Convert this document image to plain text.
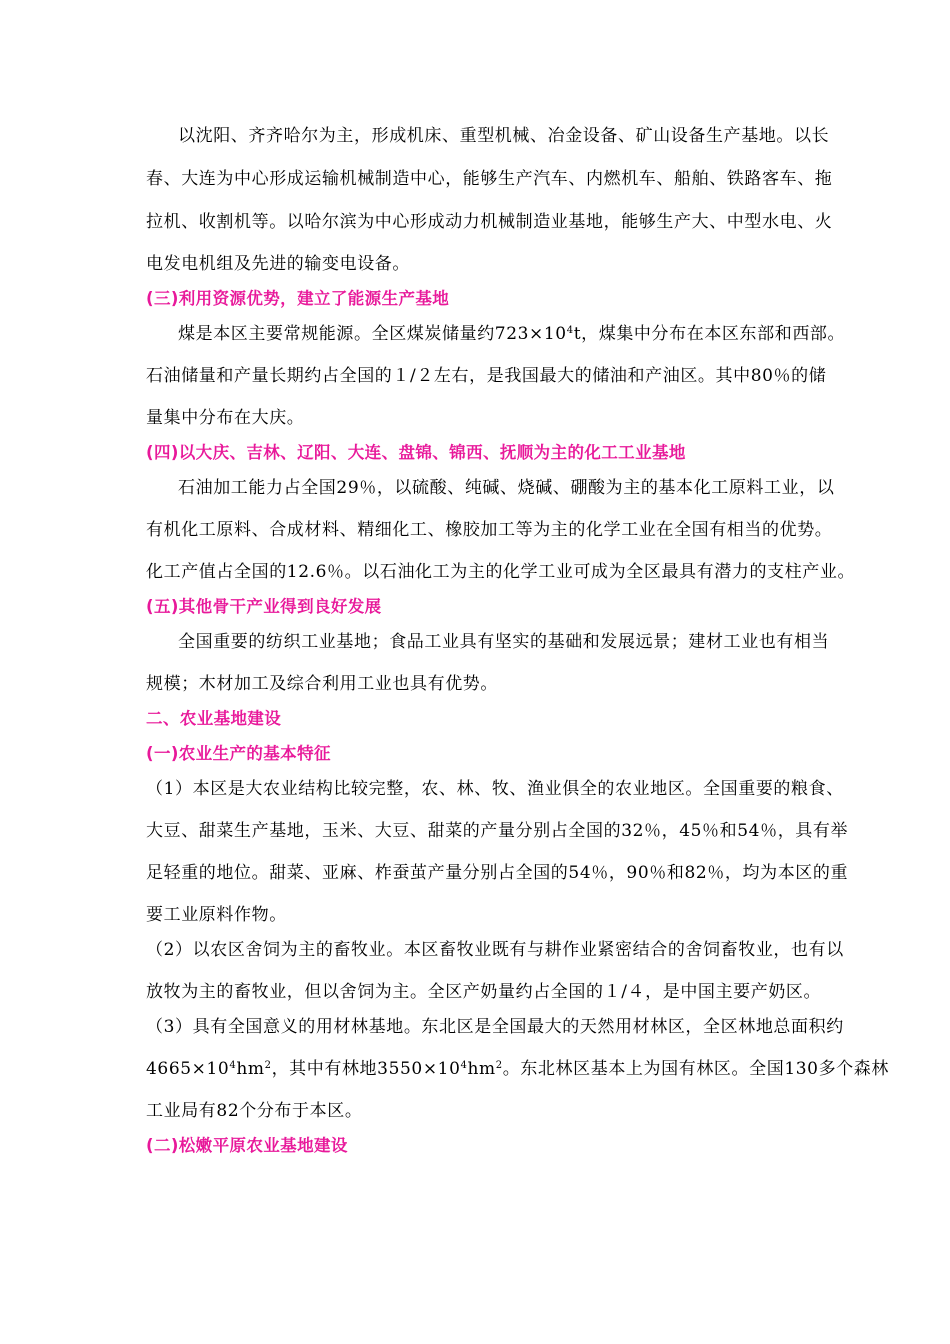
以沈阳、齐齐哈尔为主，形成机床、重型机械、冶金设备、矿山设备生产基地。以长
春、大连为中心形成运输机械制造中心，能够生产汽车、内燃机车、船舶、铁路客车、拖
拉机、收割机等。以哈尔滨为中心形成动力机械制造业基地，能够生产大、中型水电、火
电发电机组及先进的输变电设备。
(三)利用资源优势，建立了能源生产基地
煤是本区主要常规能源。全区煤炭储量约$723\times 10^4t$，煤集中分布在本区东部和西部。
石油储量和产量长期约占全国的１/２左右，是我国最大的储油和产油区。其中80％的储
量集中分布在大庆。
(四)以大庆、吉林、辽阳、大连、盘锦、锦西、抚顺为主的化工工业基地
石油加工能力占全国29％，以硫酸、纯碱、烧碱、硼酸为主的基本化工原料工业，以
有机化工原料、合成材料、精细化工、橡胶加工等为主的化学工业在全国有相当的优势。
化工产值占全国的12.6％。以石油化工为主的化学工业可成为全区最具有潜力的支柱产业。
(五)其他骨干产业得到良好发展
全国重要的纺织工业基地；食品工业具有坚实的基础和发展远景；建材工业也有相当
规模；木材加工及综合利用工业也具有优势。
二、农业基地建设
(一)农业生产的基本特征
（1）本区是大农业结构比较完整，农、林、牧、渔业俱全的农业地区。全国重要的粮食、
大豆、甜菜生产基地，玉米、大豆、甜菜的产量分别占全国的32％，45％和54％，具有举
足轻重的地位。甜菜、亚麻、柞蚕茧产量分别占全国的54％，90％和82％，均为本区的重
要工业原料作物。
（2）以农区舍饲为主的畜牧业。本区畜牧业既有与耕作业紧密结合的舍饲畜牧业，也有以
放牧为主的畜牧业，但以舍饲为主。全区产奶量约占全国的１/４，是中国主要产奶区。
（3）具有全国意义的用材林基地。东北区是全国最大的天然用材林区，全区林地总面积约
$4665\times 10^4hm^2$，其中有林地$3550\times 10^4hm^2$。东北林区基本上为国有林区。全国130多个森林
工业局有82个分布于本区。
(二)松嫩平原农业基地建设
